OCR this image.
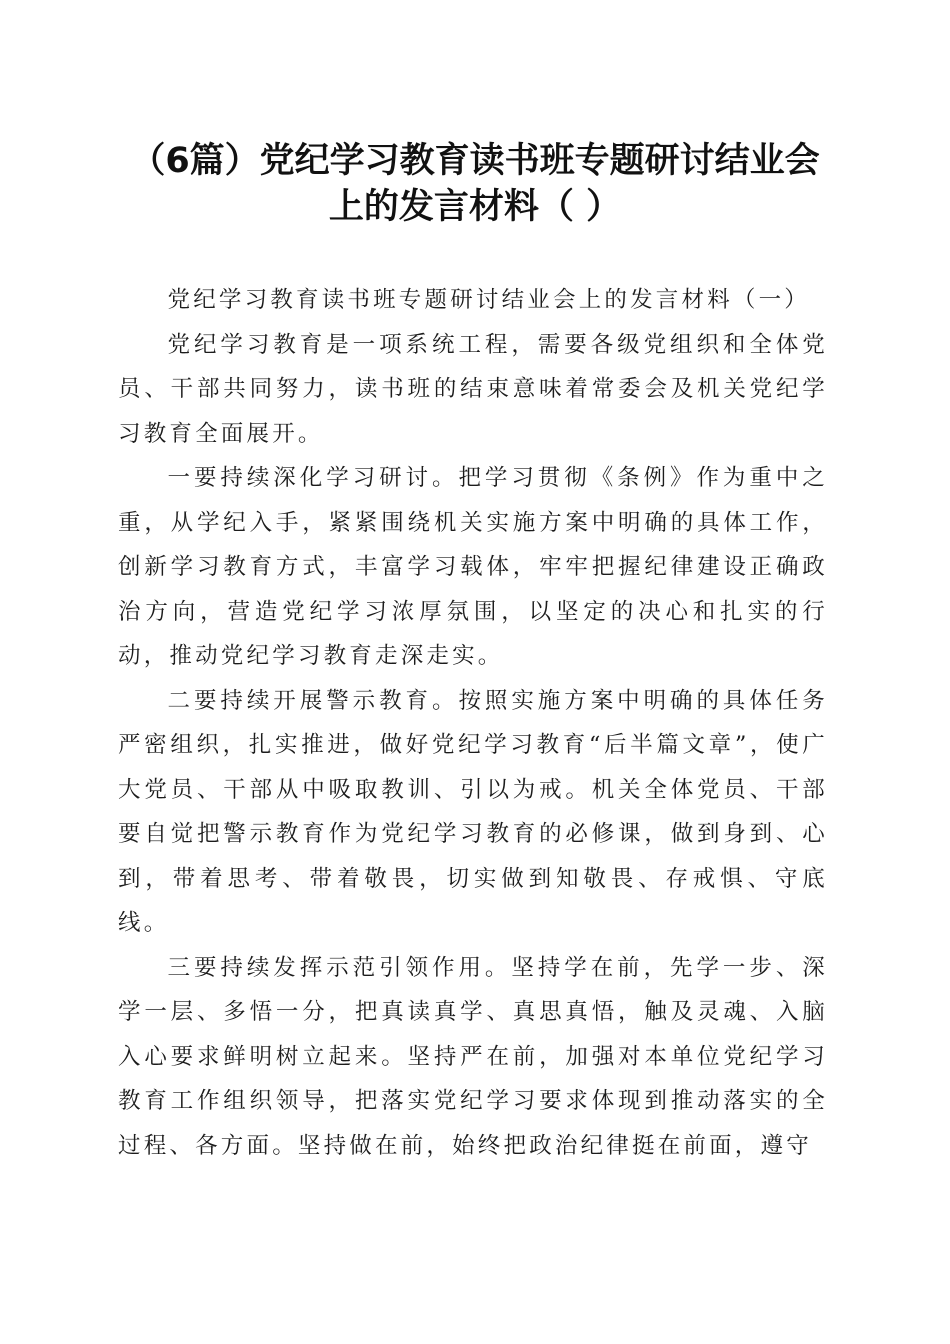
（6篇）党纪学习教育读书班专题研讨结业会
上的发言材料（ ）

党纪学习教育读书班专题研讨结业会上的发言材料（一）

党纪学习教育是一项系统工程，需要各级党组织和全体党员、干部共同努力，读书班的结束意味着常委会及机关党纪学习教育全面展开。

一要持续深化学习研讨。把学习贯彻《条例》作为重中之重，从学纪入手，紧紧围绕机关实施方案中明确的具体工作，创新学习教育方式，丰富学习载体，牢牢把握纪律建设正确政治方向，营造党纪学习浓厚氛围，以坚定的决心和扎实的行动，推动党纪学习教育走深走实。

二要持续开展警示教育。按照实施方案中明确的具体任务严密组织，扎实推进，做好党纪学习教育“后半篇文章”，使广大党员、干部从中吸取教训、引以为戒。机关全体党员、干部要自觉把警示教育作为党纪学习教育的必修课，做到身到、心到，带着思考、带着敬畏，切实做到知敬畏、存戒惧、守底线。

三要持续发挥示范引领作用。坚持学在前，先学一步、深学一层、多悟一分，把真读真学、真思真悟，触及灵魂、入脑入心要求鲜明树立起来。坚持严在前，加强对本单位党纪学习教育工作组织领导，把落实党纪学习要求体现到推动落实的全过程、各方面。坚持做在前，始终把政治纪律挺在前面，遵守
